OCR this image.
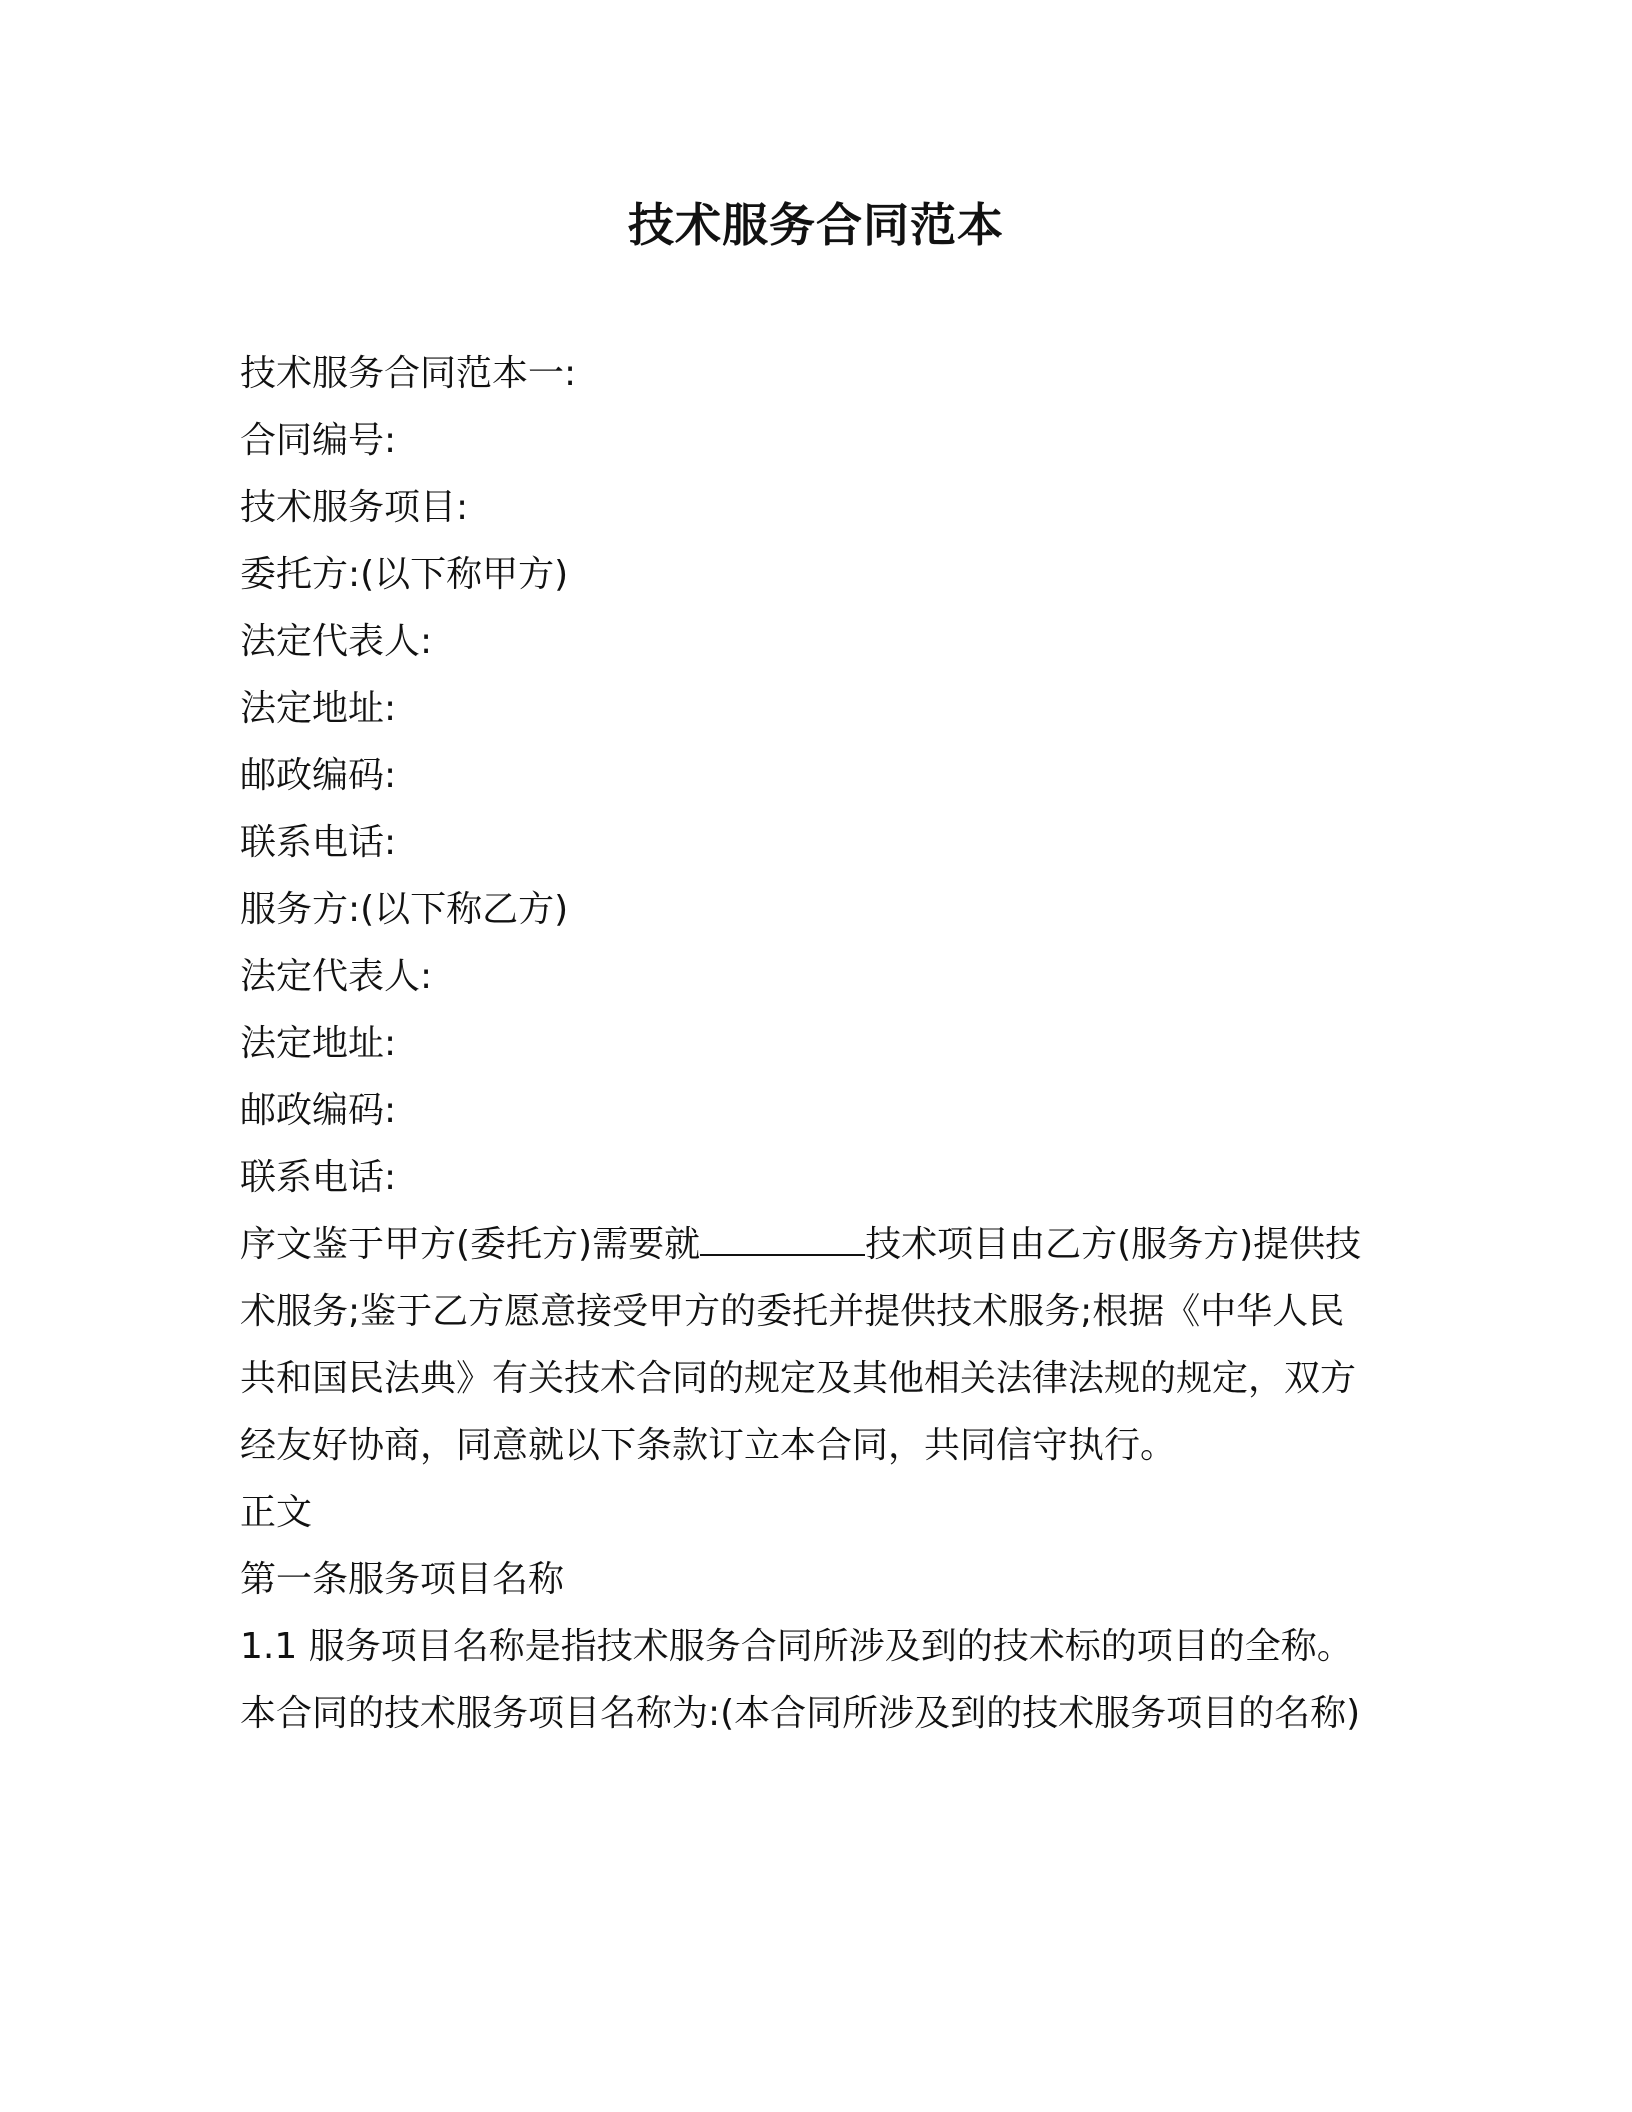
技术服务合同范本
技术服务合同范本一:
合同编号:
技术服务项目:
委托方:(以下称甲方)
法定代表人:
法定地址:
邮政编码:
联系电话:
服务方:(以下称乙方)
法定代表人:
法定地址:
邮政编码:
联系电话:
序文鉴于甲方(委托方)需要就	技术项目由乙方(服务方)提供技术服务;鉴于乙方愿意接受甲方的委托并提供技术服务;根据《中华人民共和国民法典》有关技术合同的规定及其他相关法律法规的规定，双方经友好协商，同意就以下条款订立本合同，共同信守执行。
正文
第一条服务项目名称
1.1 服务项目名称是指技术服务合同所涉及到的技术标的项目的全称。
本合同的技术服务项目名称为:(本合同所涉及到的技术服务项目的名称)
